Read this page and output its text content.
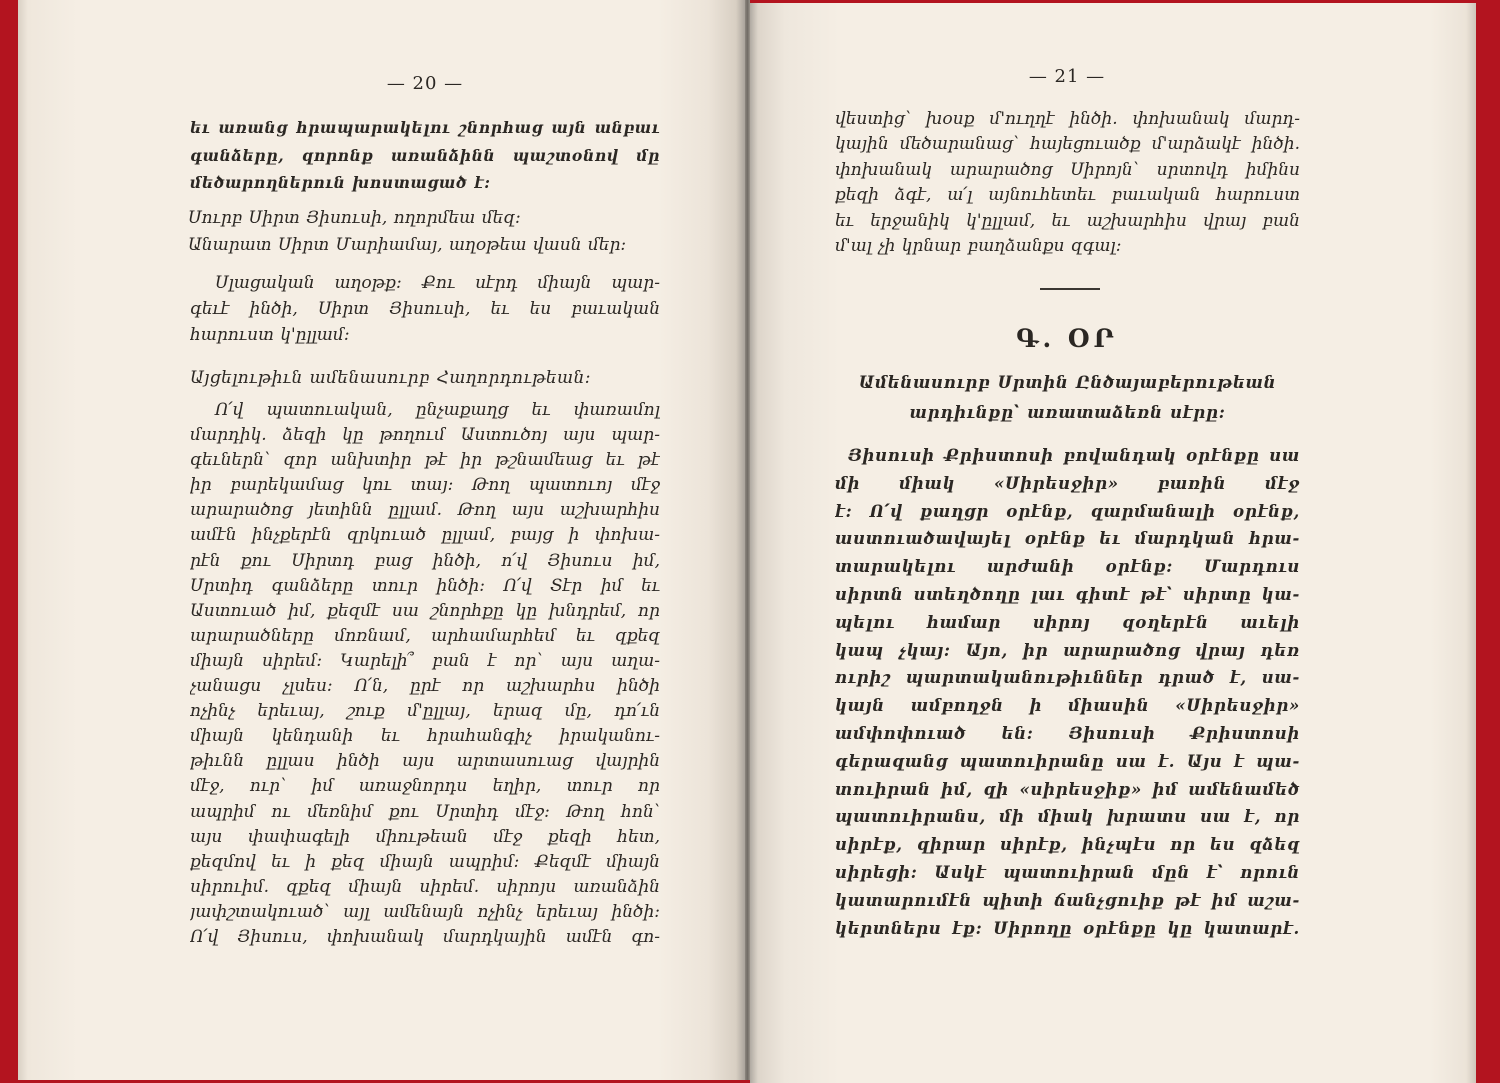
— 20 —
եւ առանց հրապարակելու շնորհաց այն անբաւ
գանձերը, զորոնք առանձինն պաշտօնով մը
մեծարողներուն խոստացած է:
Սուրբ Սիրտ Յիսուսի, ողորմեա մեզ:
Անարատ Սիրտ Մարիամայ, աղօթեա վասն մեր:
Սլացական աղօթք: Քու սէրդ միայն պար-
գեւէ ինծի, Սիրտ Յիսուսի, եւ ես բաւական
հարուստ կ'ըլլամ:
Այցելութիւն ամենասուրբ Հաղորդութեան:
Ո՛վ պատուական, ընչաքաղց եւ փառամոլ
մարդիկ. ձեզի կը թողում Աստուծոյ այս պար-
գեւներն՝ զոր անխտիր թէ իր թշնամեաց եւ թէ
իր բարեկամաց կու տայ: Թող պատուոյ մէջ
արարածոց յետինն ըլլամ. Թող այս աշխարհիս
ամէն ինչքերէն զրկուած ըլլամ, բայց ի փոխա-
րէն քու Սիրտդ բաց ինծի, ո՛վ Յիսուս իմ,
Սրտիդ գանձերը տուր ինծի: Ո՛վ Տէր իմ եւ
Աստուած իմ, քեզմէ սա շնորհքը կը խնդրեմ, որ
արարածները մոռնամ, արհամարհեմ եւ զքեզ
միայն սիրեմ: Կարելի՞ բան է որ՝ այս աղա-
չանացս չլսես: Ո՛ն, ըրէ որ աշխարհս ինծի
ոչինչ երեւայ, շուք մ'ըլլայ, երազ մը, դո՛ւն
միայն կենդանի եւ հրահանգիչ իրականու-
թիւնն ըլլաս ինծի այս արտասուաց վայրին
մէջ, ուր՝ իմ առաջնորդս եղիր, տուր որ
ապրիմ ու մեռնիմ քու Սրտիդ մէջ: Թող հոն՝
այս փափագելի միութեան մէջ քեզի հետ,
քեզմով եւ ի քեզ միայն ապրիմ: Քեզմէ միայն
սիրուիմ. զքեզ միայն սիրեմ. սիրոյս առանձին
յափշտակուած՝ այլ ամենայն ոչինչ երեւայ ինծի:
Ո՛վ Յիսուս, փոխանակ մարդկային ամէն գո-
— 21 —
վեստից՝ խօսք մ'ուղղէ ինծի. փոխանակ մարդ-
կային մեծարանաց՝ հայեցուածք մ'արձակէ ինծի.
փոխանակ արարածոց Սիրոյն՝ սրտովդ իմինս
քեզի ձգէ, ա՛լ այնուհետեւ բաւական հարուստ
եւ երջանիկ կ'ըլլամ, եւ աշխարհիս վրայ բան
մ'ալ չի կրնար բաղձանքս զգալ:
Գ. ՕՐ
Ամենասուրբ Սրտին Ընծայաբերութեան
արդիւնքը՝ առատաձեռն սէրը:
Յիսուսի Քրիստոսի բովանդակ օրէնքը սա
մի միակ «Սիրեսջիր» բառին մէջ
է: Ո՛վ քաղցր օրէնք, զարմանալի օրէնք,
աստուածավայել օրէնք եւ մարդկան հրա-
տարակելու արժանի օրէնք: Մարդուս
սիրտն ստեղծողը լաւ գիտէ թէ՝ սիրտը կա-
պելու համար սիրոյ զօղերէն աւելի
կապ չկայ: Այո, իր արարածոց վրայ դեռ
ուրիշ պարտականութիւններ դրած է, սա-
կայն ամբողջն ի միասին «Սիրեսջիր»
ամփոփուած են: Յիսուսի Քրիստոսի
գերազանց պատուիրանը սա է. Այս է պա-
տուիրան իմ, զի «սիրեսջիք» իմ ամենամեծ
պատուիրանս, մի միակ խրատս սա է, որ
սիրէք, զիրար սիրէք, ինչպէս որ ես զձեզ
սիրեցի: Ասկէ պատուիրան մըն է՝ որուն
կատարումէն պիտի ճանչցուիք թէ իմ աշա-
կերտներս էք: Սիրողը օրէնքը կը կատարէ.
